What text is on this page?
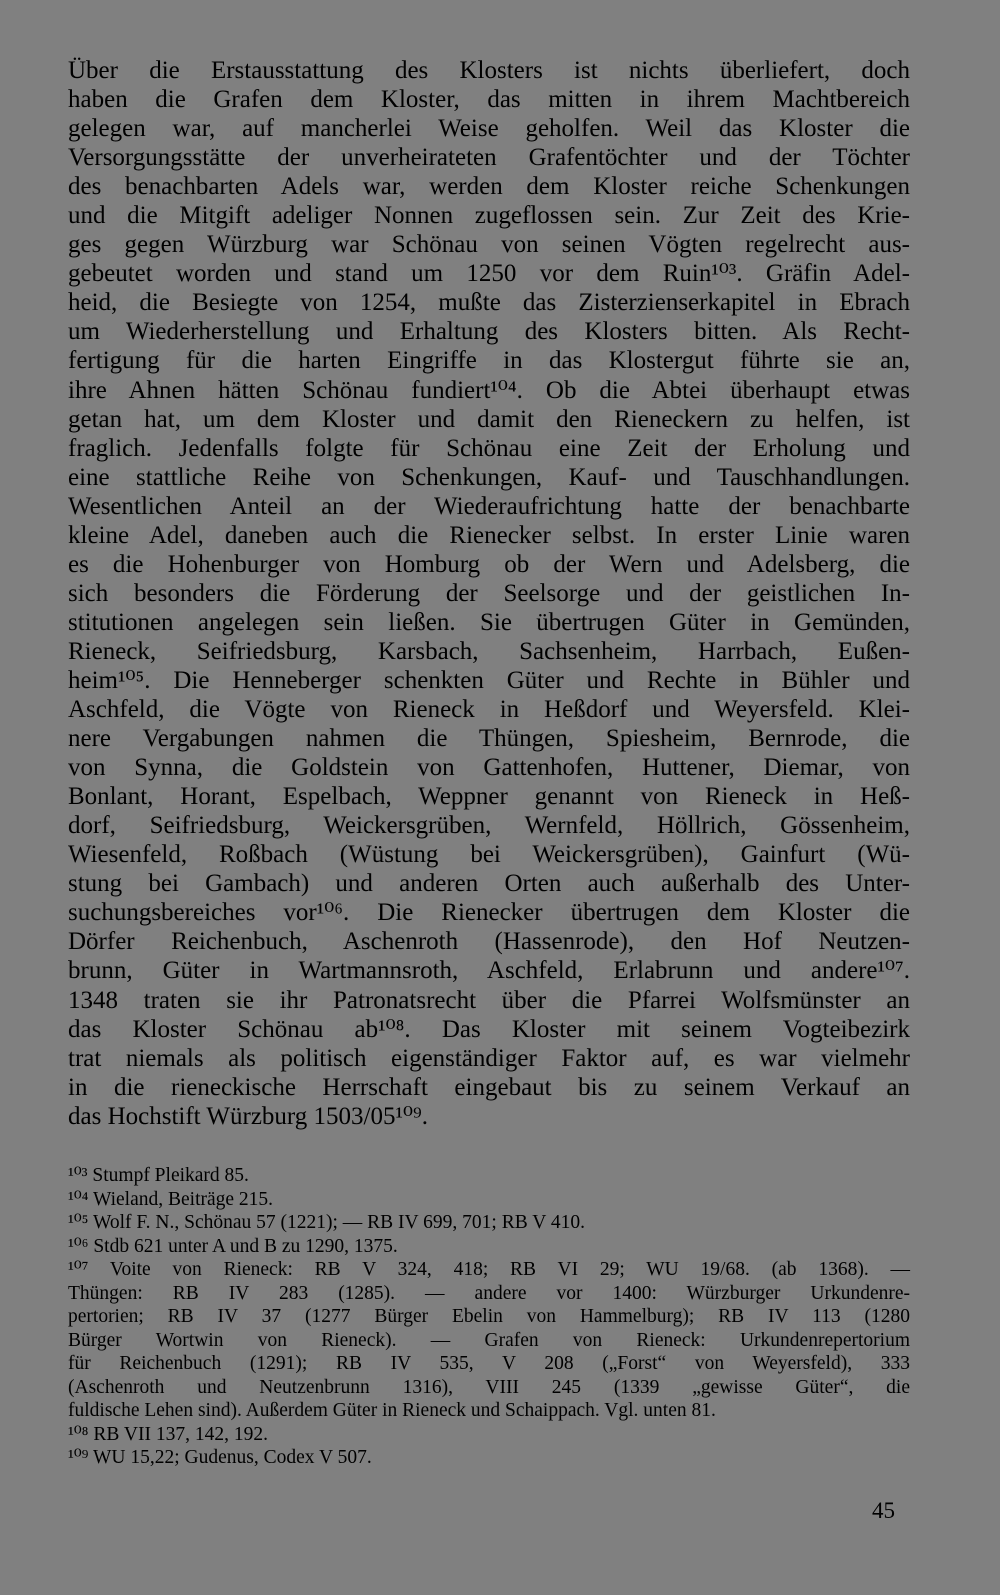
Über die Erstausstattung des Klosters ist nichts überliefert, doch
haben die Grafen dem Kloster, das mitten in ihrem Machtbereich
gelegen war, auf mancherlei Weise geholfen. Weil das Kloster die
Versorgungsstätte der unverheirateten Grafentöchter und der Töchter
des benachbarten Adels war, werden dem Kloster reiche Schenkungen
und die Mitgift adeliger Nonnen zugeflossen sein. Zur Zeit des Krie-
ges gegen Würzburg war Schönau von seinen Vögten regelrecht aus-
gebeutet worden und stand um 1250 vor dem Ruin¹⁰³. Gräfin Adel-
heid, die Besiegte von 1254, mußte das Zisterzienserkapitel in Ebrach
um Wiederherstellung und Erhaltung des Klosters bitten. Als Recht-
fertigung für die harten Eingriffe in das Klostergut führte sie an,
ihre Ahnen hätten Schönau fundiert¹⁰⁴. Ob die Abtei überhaupt etwas
getan hat, um dem Kloster und damit den Rieneckern zu helfen, ist
fraglich. Jedenfalls folgte für Schönau eine Zeit der Erholung und
eine stattliche Reihe von Schenkungen, Kauf- und Tauschhandlungen.
Wesentlichen Anteil an der Wiederaufrichtung hatte der benachbarte
kleine Adel, daneben auch die Rienecker selbst. In erster Linie waren
es die Hohenburger von Homburg ob der Wern und Adelsberg, die
sich besonders die Förderung der Seelsorge und der geistlichen In-
stitutionen angelegen sein ließen. Sie übertrugen Güter in Gemünden,
Rieneck, Seifriedsburg, Karsbach, Sachsenheim, Harrbach, Eußen-
heim¹⁰⁵. Die Henneberger schenkten Güter und Rechte in Bühler und
Aschfeld, die Vögte von Rieneck in Heßdorf und Weyersfeld. Klei-
nere Vergabungen nahmen die Thüngen, Spiesheim, Bernrode, die
von Synna, die Goldstein von Gattenhofen, Huttener, Diemar, von
Bonlant, Horant, Espelbach, Weppner genannt von Rieneck in Heß-
dorf, Seifriedsburg, Weickersgrüben, Wernfeld, Höllrich, Gössenheim,
Wiesenfeld, Roßbach (Wüstung bei Weickersgrüben), Gainfurt (Wü-
stung bei Gambach) und anderen Orten auch außerhalb des Unter-
suchungsbereiches vor¹⁰⁶. Die Rienecker übertrugen dem Kloster die
Dörfer Reichenbuch, Aschenroth (Hassenrode), den Hof Neutzen-
brunn, Güter in Wartmannsroth, Aschfeld, Erlabrunn und andere¹⁰⁷.
1348 traten sie ihr Patronatsrecht über die Pfarrei Wolfsmünster an
das Kloster Schönau ab¹⁰⁸. Das Kloster mit seinem Vogteibezirk
trat niemals als politisch eigenständiger Faktor auf, es war vielmehr
in die rieneckische Herrschaft eingebaut bis zu seinem Verkauf an
das Hochstift Würzburg 1503/05¹⁰⁹.
¹⁰³ Stumpf Pleikard 85.
¹⁰⁴ Wieland, Beiträge 215.
¹⁰⁵ Wolf F. N., Schönau 57 (1221); — RB IV 699, 701; RB V 410.
¹⁰⁶ Stdb 621 unter A und B zu 1290, 1375.
¹⁰⁷ Voite von Rieneck: RB V 324, 418; RB VI 29; WU 19/68. (ab 1368). —
Thüngen: RB IV 283 (1285). — andere vor 1400: Würzburger Urkundenre-
pertorien; RB IV 37 (1277 Bürger Ebelin von Hammelburg); RB IV 113 (1280
Bürger Wortwin von Rieneck). — Grafen von Rieneck: Urkundenrepertorium
für Reichenbuch (1291); RB IV 535, V 208 („Forst“ von Weyersfeld), 333
(Aschenroth und Neutzenbrunn 1316), VIII 245 (1339 „gewisse Güter“, die
fuldische Lehen sind). Außerdem Güter in Rieneck und Schaippach. Vgl. unten 81.
¹⁰⁸ RB VII 137, 142, 192.
¹⁰⁹ WU 15,22; Gudenus, Codex V 507.
45
